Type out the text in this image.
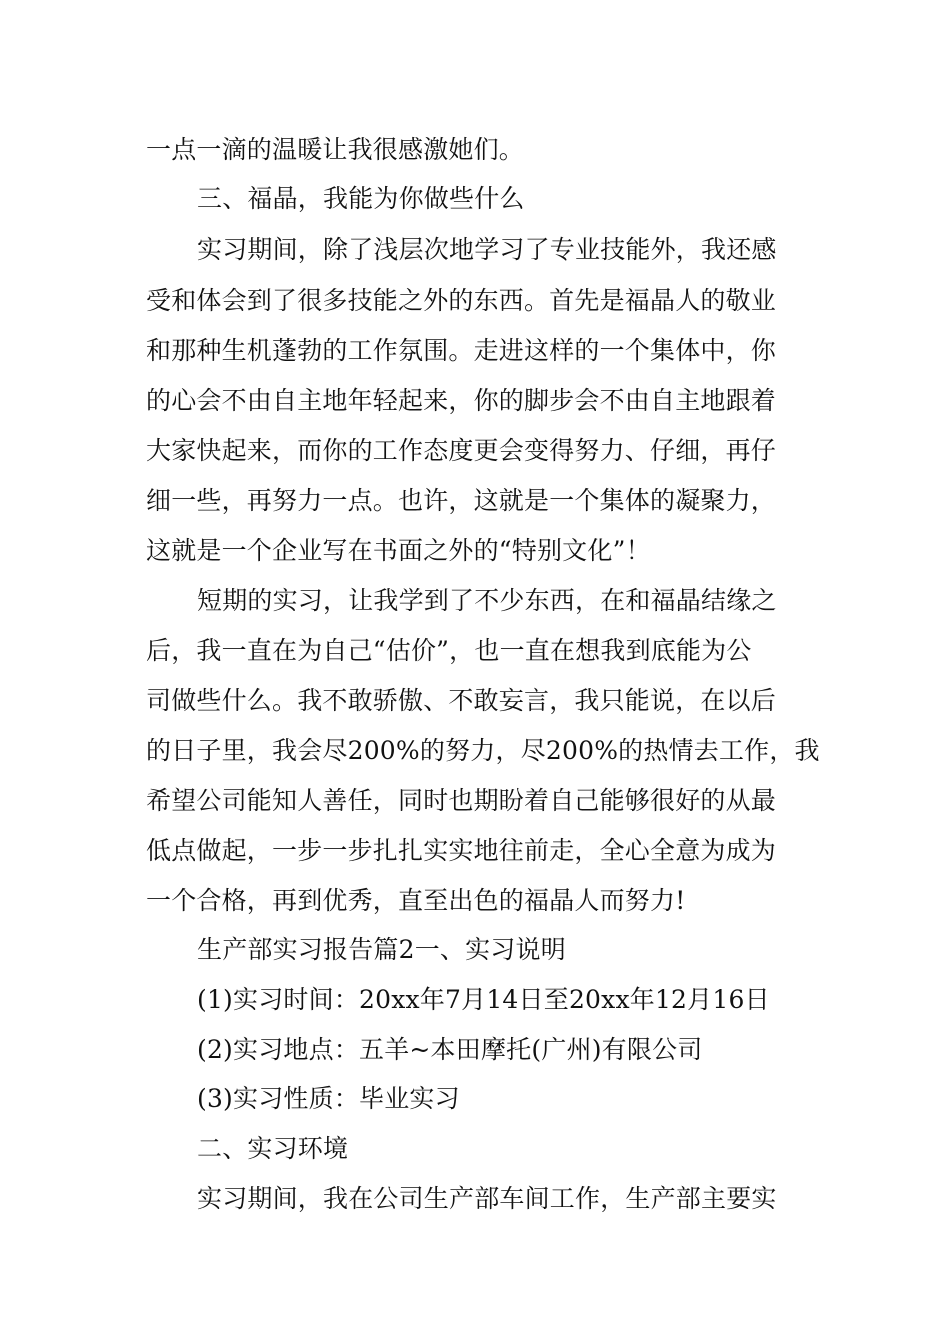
一点一滴的温暖让我很感激她们。
三、福晶，我能为你做些什么
实习期间，除了浅层次地学习了专业技能外，我还感
受和体会到了很多技能之外的东西。首先是福晶人的敬业
和那种生机蓬勃的工作氛围。走进这样的一个集体中，你
的心会不由自主地年轻起来，你的脚步会不由自主地跟着
大家快起来，而你的工作态度更会变得努力、仔细，再仔
细一些，再努力一点。也许，这就是一个集体的凝聚力，
这就是一个企业写在书面之外的“特别文化”！
短期的实习，让我学到了不少东西，在和福晶结缘之
后，我一直在为自己“估价”，也一直在想我到底能为公
司做些什么。我不敢骄傲、不敢妄言，我只能说，在以后
的日子里，我会尽200%的努力，尽200%的热情去工作，我
希望公司能知人善任，同时也期盼着自己能够很好的从最
低点做起，一步一步扎扎实实地往前走，全心全意为成为
一个合格，再到优秀，直至出色的福晶人而努力!
生产部实习报告篇2一、实习说明
(1)实习时间：20xx年7月14日至20xx年12月16日
(2)实习地点：五羊~本田摩托(广州)有限公司
(3)实习性质：毕业实习
二、实习环境
实习期间，我在公司生产部车间工作，生产部主要实
